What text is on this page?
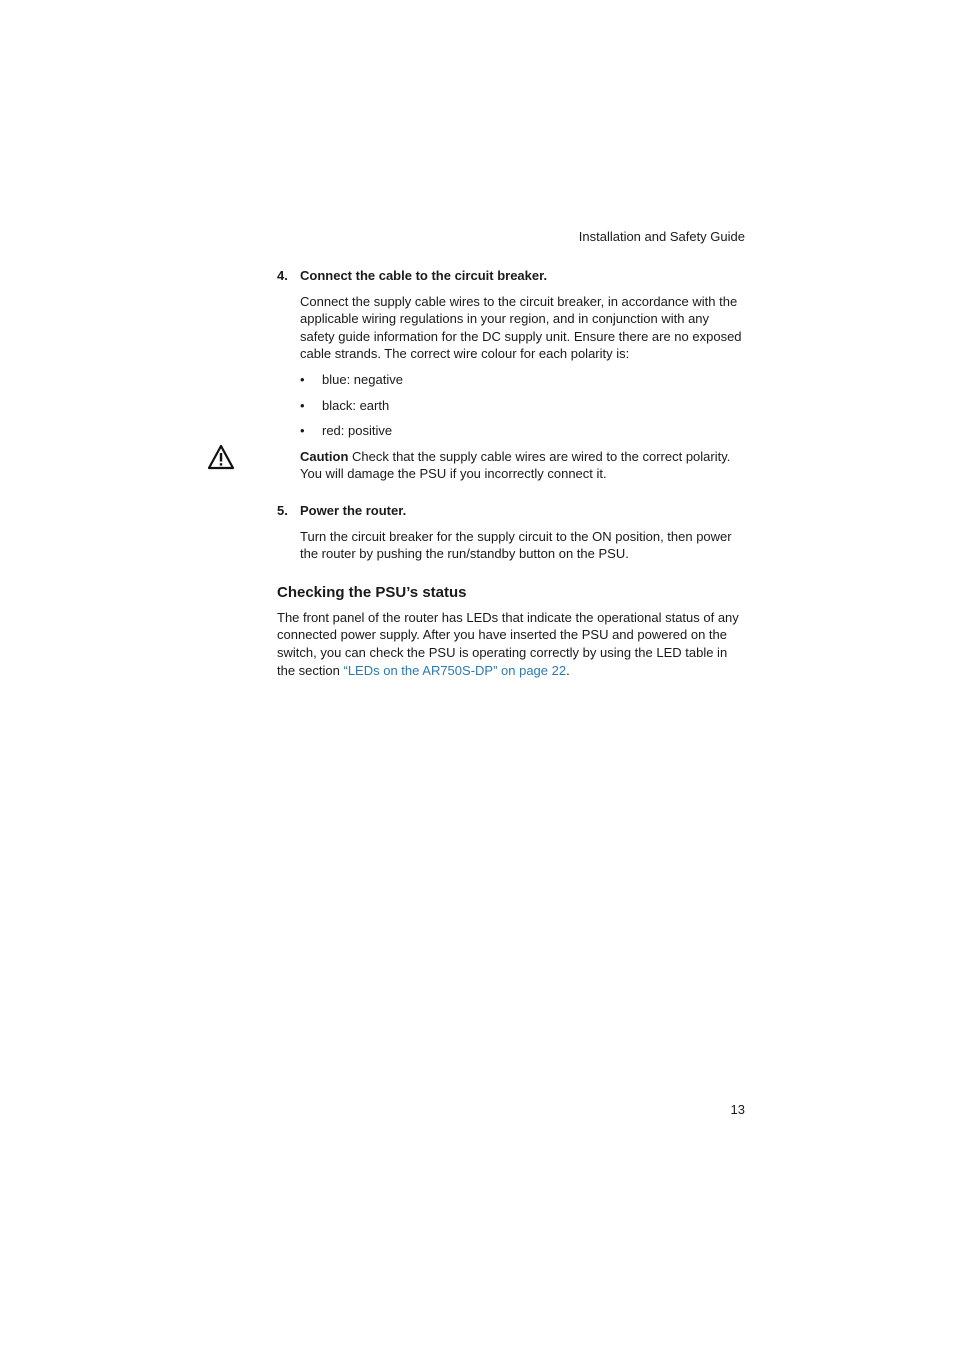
Installation and Safety Guide

4. Connect the cable to the circuit breaker.

Connect the supply cable wires to the circuit breaker, in accordance with the applicable wiring regulations in your region, and in conjunction with any safety guide information for the DC supply unit. Ensure there are no exposed cable strands. The correct wire colour for each polarity is:

• blue: negative
• black: earth
• red: positive

Caution Check that the supply cable wires are wired to the correct polarity. You will damage the PSU if you incorrectly connect it.

5. Power the router.

Turn the circuit breaker for the supply circuit to the ON position, then power the router by pushing the run/standby button on the PSU.

Checking the PSU’s status

The front panel of the router has LEDs that indicate the operational status of any connected power supply. After you have inserted the PSU and powered on the switch, you can check the PSU is operating correctly by using the LED table in the section “LEDs on the AR750S-DP” on page 22.

13
